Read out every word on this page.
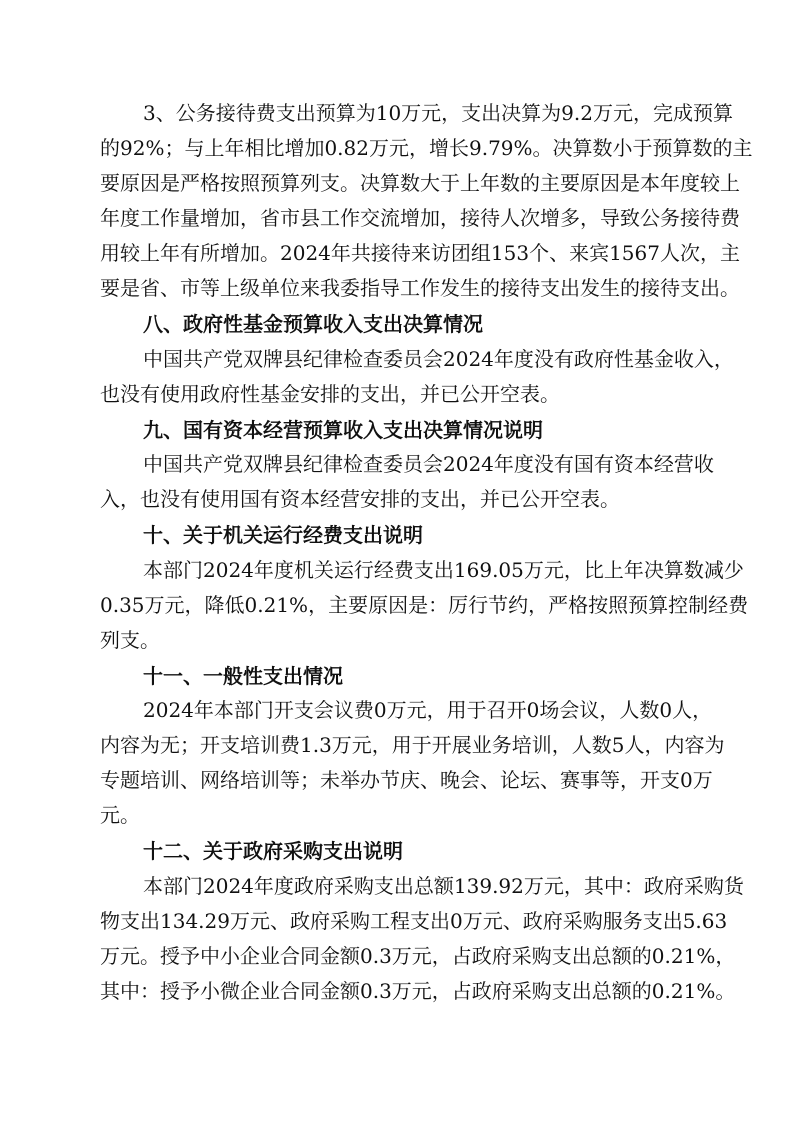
3、公务接待费支出预算为10万元，支出决算为9.2万元，完成预算
的92%；与上年相比增加0.82万元，增长9.79%。决算数小于预算数的主
要原因是严格按照预算列支。决算数大于上年数的主要原因是本年度较上
年度工作量增加，省市县工作交流增加，接待人次增多，导致公务接待费
用较上年有所增加。2024年共接待来访团组153个、来宾1567人次，主
要是省、市等上级单位来我委指导工作发生的接待支出发生的接待支出。
八、政府性基金预算收入支出决算情况
中国共产党双牌县纪律检查委员会2024年度没有政府性基金收入，
也没有使用政府性基金安排的支出，并已公开空表。
九、国有资本经营预算收入支出决算情况说明
中国共产党双牌县纪律检查委员会2024年度没有国有资本经营收
入，也没有使用国有资本经营安排的支出，并已公开空表。
十、关于机关运行经费支出说明
本部门2024年度机关运行经费支出169.05万元，比上年决算数减少
0.35万元，降低0.21%，主要原因是：厉行节约，严格按照预算控制经费
列支。
十一、一般性支出情况
2024年本部门开支会议费0万元，用于召开0场会议，人数0人，
内容为无；开支培训费1.3万元，用于开展业务培训，人数5人，内容为
专题培训、网络培训等；未举办节庆、晚会、论坛、赛事等，开支0万
元。
十二、关于政府采购支出说明
本部门2024年度政府采购支出总额139.92万元，其中：政府采购货
物支出134.29万元、政府采购工程支出0万元、政府采购服务支出5.63
万元。授予中小企业合同金额0.3万元，占政府采购支出总额的0.21%，
其中：授予小微企业合同金额0.3万元，占政府采购支出总额的0.21%。
